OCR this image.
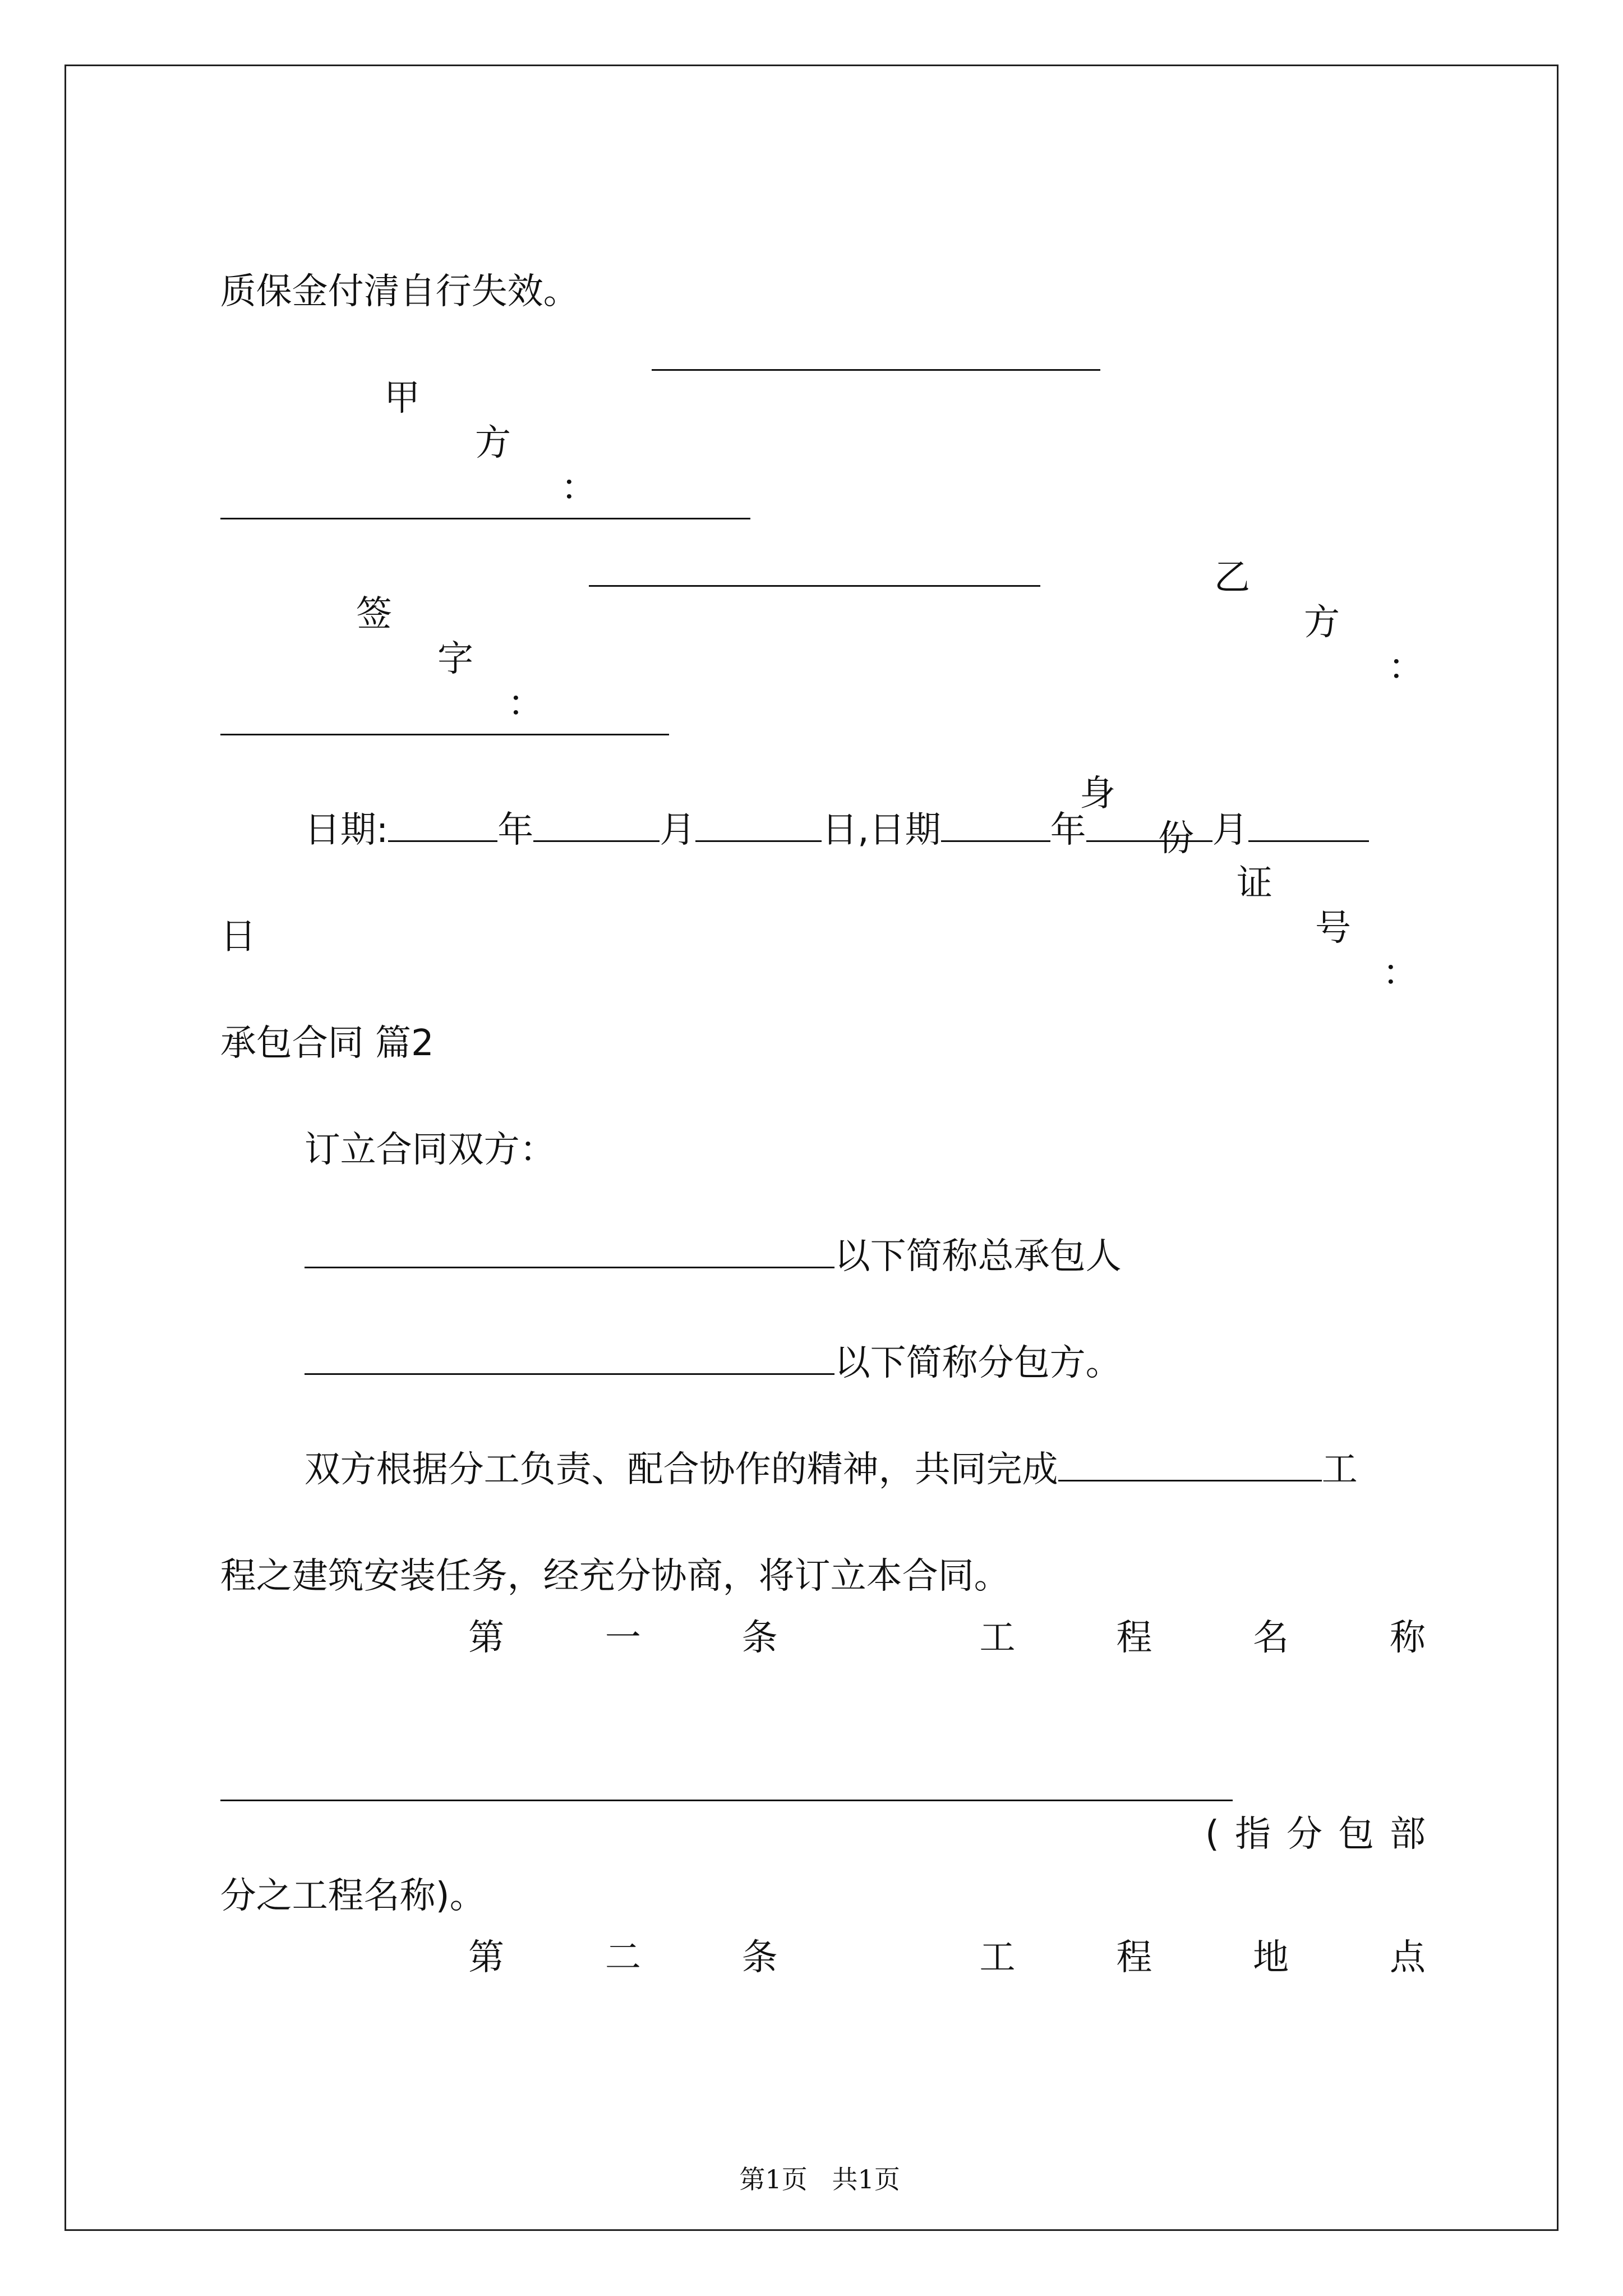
质保金付清自行失效。

甲

方

：

乙

方

：

签

字

：

身

份

证

号

：

日期:	年	月	日,日期	年	月

日

承包合同 篇2

订立合同双方：

以下简称总承包人

以下简称分包方。

双方根据分工负责、配合协作的精神，共同完成	工

程之建筑安装任务，经充分协商，将订立本合同。

第	一	条	工	程	名	称

( 指 分 包 部

分之工程名称)。

第	二	条	工	程	地	点

第1页   共1页
